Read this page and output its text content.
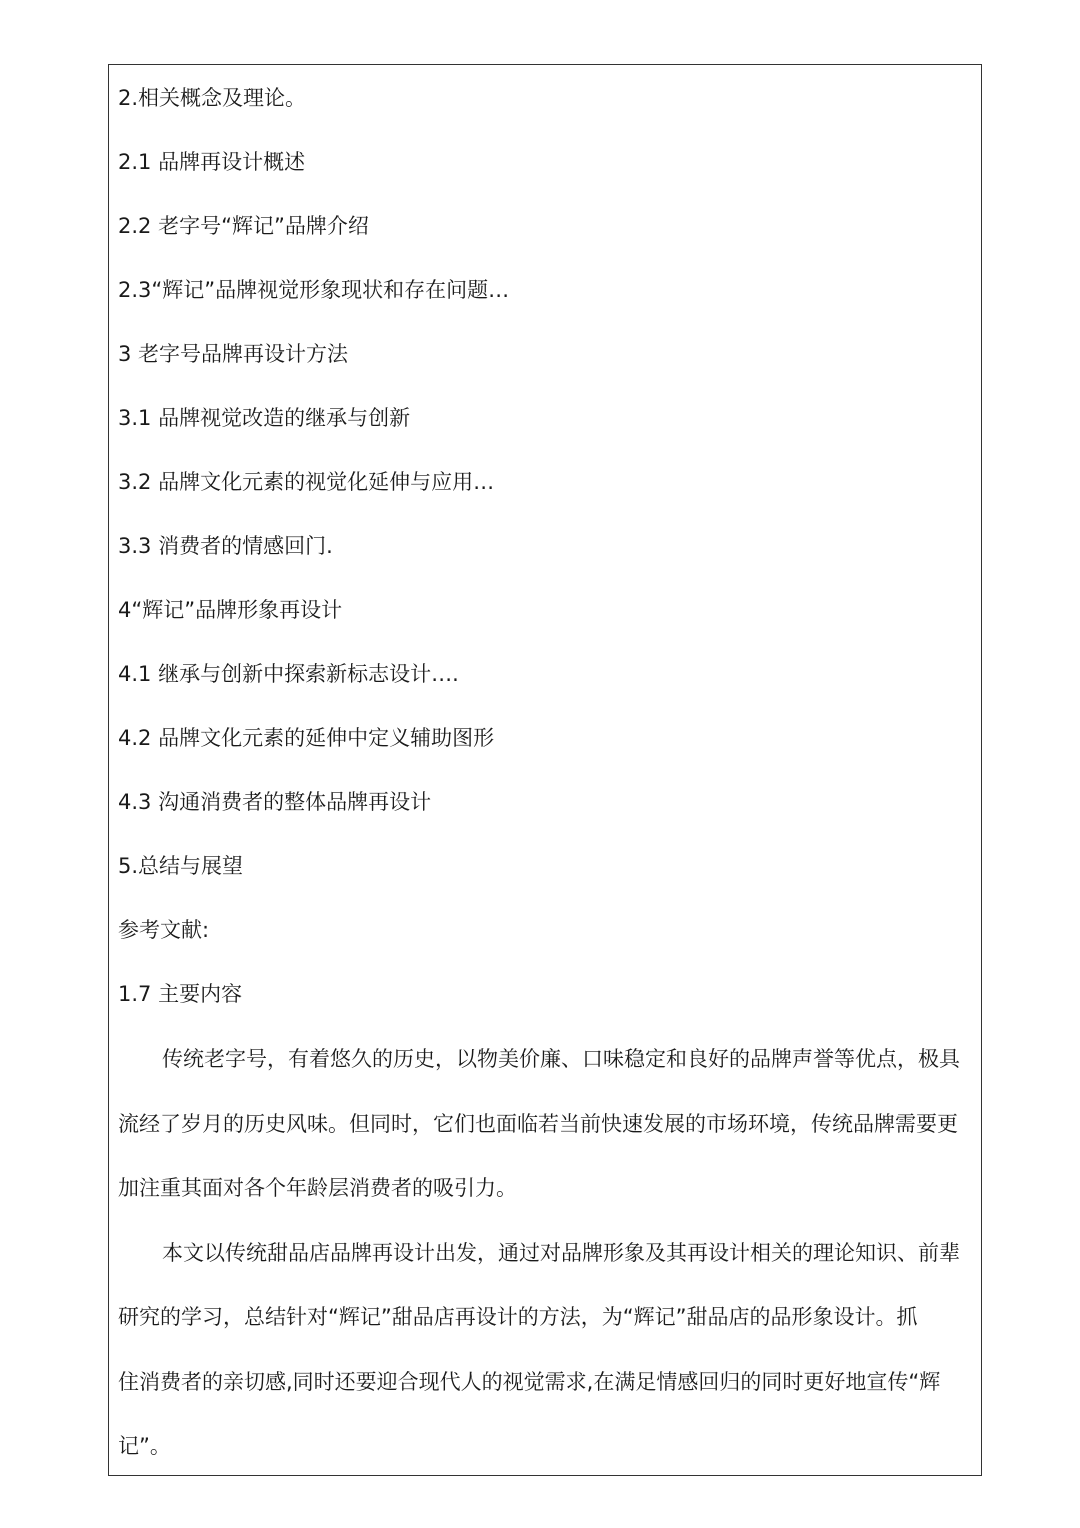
2.相关概念及理论。
2.1 品牌再设计概述
2.2 老字号“辉记”品牌介绍
2.3“辉记”品牌视觉形象现状和存在问题…
3 老字号品牌再设计方法
3.1 品牌视觉改造的继承与创新
3.2 品牌文化元素的视觉化延伸与应用…
3.3 消费者的情感回门.
4“辉记”品牌形象再设计
4.1 继承与创新中探索新标志设计….
4.2 品牌文化元素的延伸中定义辅助图形
4.3 沟通消费者的整体品牌再设计
5.总结与展望
参考文献:
1.7 主要内容
传统老字号，有着悠久的历史，以物美价廉、口味稳定和良好的品牌声誉等优点，极具
流经了岁月的历史风味。但同时，它们也面临若当前快速发展的市场环境，传统品牌需要更
加注重其面对各个年龄层消费者的吸引力。
本文以传统甜品店品牌再设计出发，通过对品牌形象及其再设计相关的理论知识、前辈
研究的学习，总结针对“辉记”甜品店再设计的方法，为“辉记”甜品店的品形象设计。抓
住消费者的亲切感,同时还要迎合现代人的视觉需求,在满足情感回归的同时更好地宣传“辉
记”。
